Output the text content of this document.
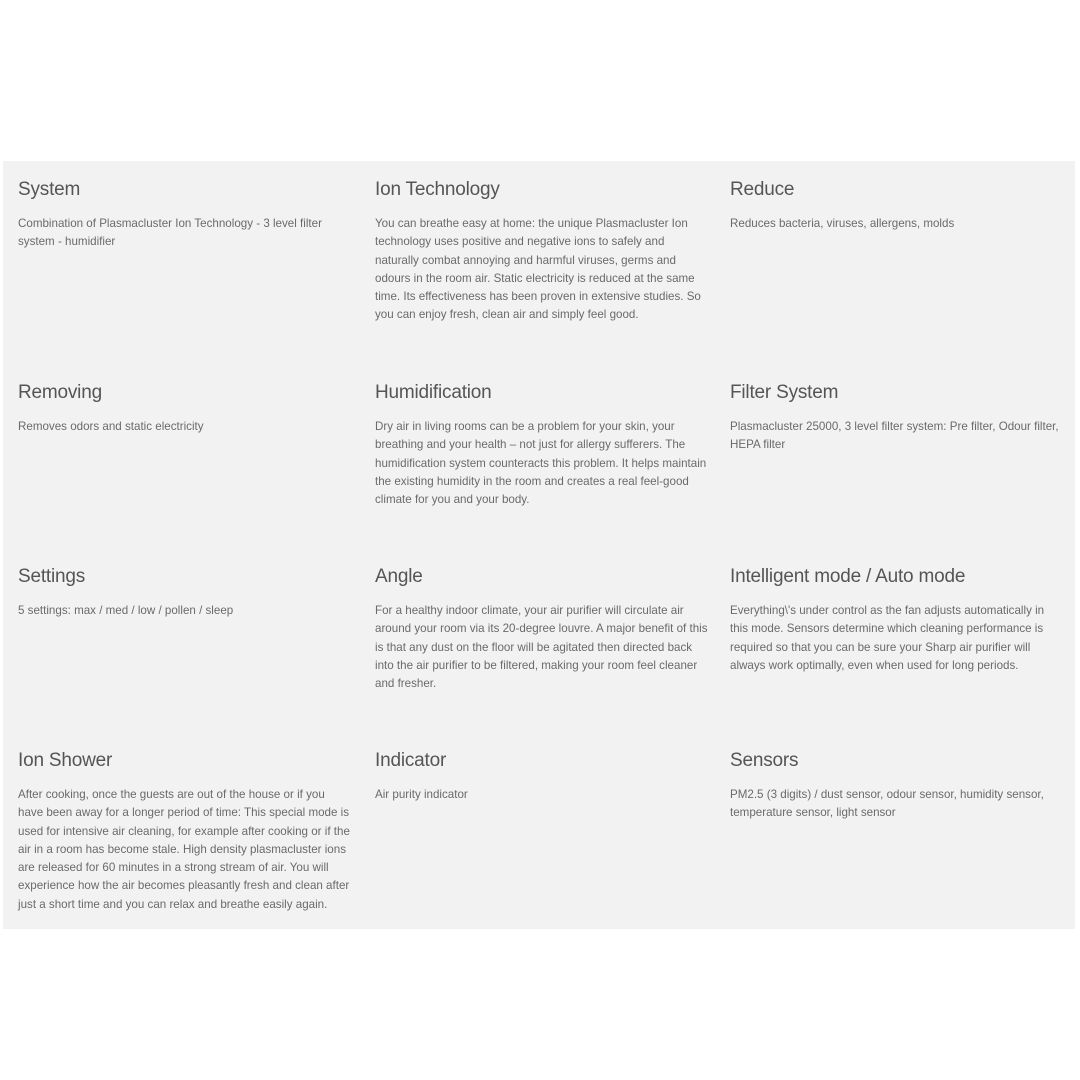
System

Combination of Plasmacluster Ion Technology - 3 level filter system - humidifier

Ion Technology

You can breathe easy at home: the unique Plasmacluster Ion technology uses positive and negative ions to safely and naturally combat annoying and harmful viruses, germs and odours in the room air. Static electricity is reduced at the same time. Its effectiveness has been proven in extensive studies. So you can enjoy fresh, clean air and simply feel good.

Reduce

Reduces bacteria, viruses, allergens, molds

Removing

Removes odors and static electricity

Humidification

Dry air in living rooms can be a problem for your skin, your breathing and your health – not just for allergy sufferers. The humidification system counteracts this problem. It helps maintain the existing humidity in the room and creates a real feel-good climate for you and your body.

Filter System

Plasmacluster 25000, 3 level filter system: Pre filter, Odour filter, HEPA filter

Settings

5 settings: max / med / low / pollen / sleep

Angle

For a healthy indoor climate, your air purifier will circulate air around your room via its 20-degree louvre. A major benefit of this is that any dust on the floor will be agitated then directed back into the air purifier to be filtered, making your room feel cleaner and fresher.

Intelligent mode / Auto mode

Everything\'s under control as the fan adjusts automatically in this mode. Sensors determine which cleaning performance is required so that you can be sure your Sharp air purifier will always work optimally, even when used for long periods.

Ion Shower

After cooking, once the guests are out of the house or if you have been away for a longer period of time: This special mode is used for intensive air cleaning, for example after cooking or if the air in a room has become stale. High density plasmacluster ions are released for 60 minutes in a strong stream of air. You will experience how the air becomes pleasantly fresh and clean after just a short time and you can relax and breathe easily again.

Indicator

Air purity indicator

Sensors

PM2.5 (3 digits) / dust sensor, odour sensor, humidity sensor, temperature sensor, light sensor
